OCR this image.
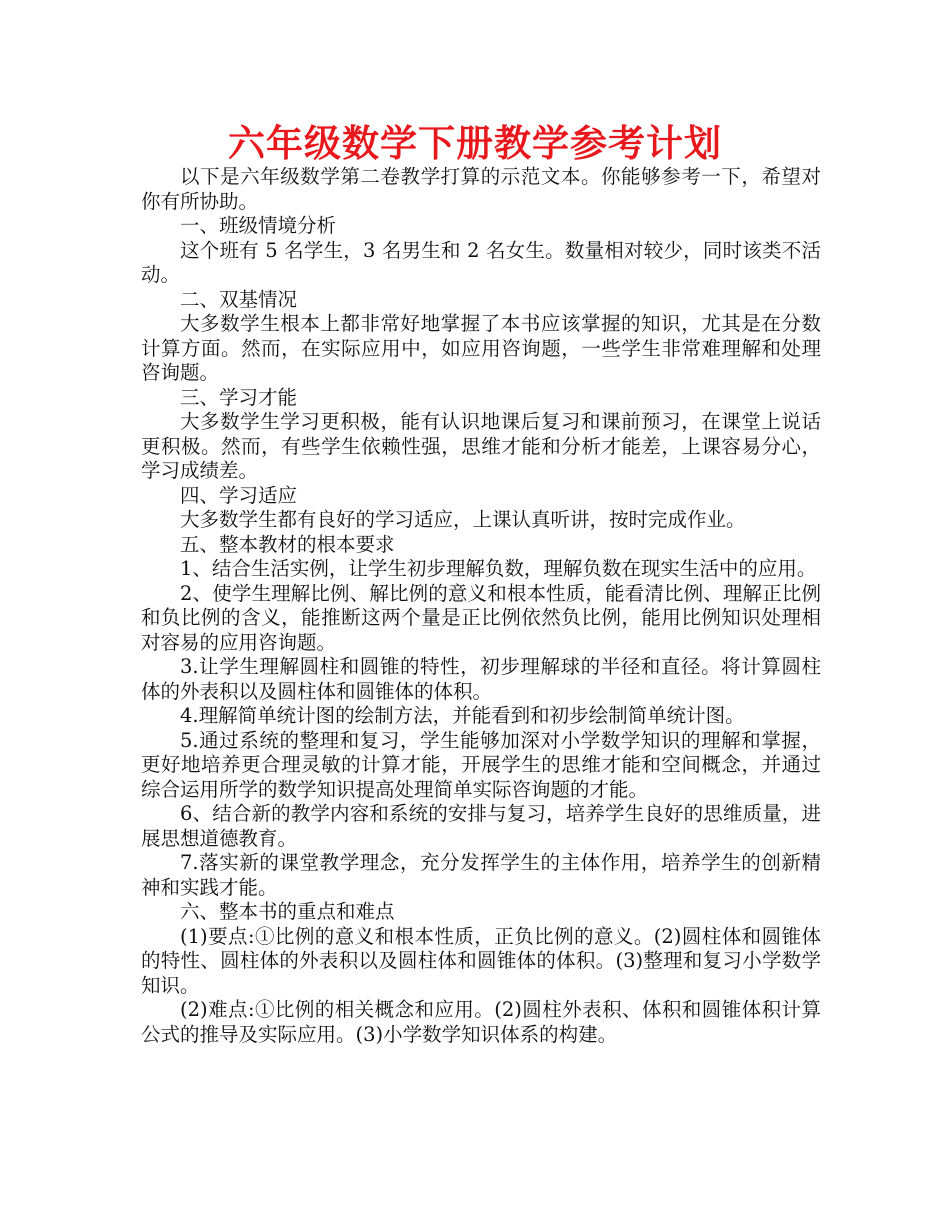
六年级数学下册教学参考计划

以下是六年级数学第二卷教学打算的示范文本。你能够参考一下，希望对你有所协助。

一、班级情境分析

这个班有 5 名学生，3 名男生和 2 名女生。数量相对较少，同时该类不活动。

二、双基情况

大多数学生根本上都非常好地掌握了本书应该掌握的知识，尤其是在分数计算方面。然而，在实际应用中，如应用咨询题，一些学生非常难理解和处理咨询题。

三、学习才能

大多数学生学习更积极，能有认识地课后复习和课前预习，在课堂上说话更积极。然而，有些学生依赖性强，思维才能和分析才能差，上课容易分心，学习成绩差。

四、学习适应

大多数学生都有良好的学习适应，上课认真听讲，按时完成作业。

五、整本教材的根本要求

1、结合生活实例，让学生初步理解负数，理解负数在现实生活中的应用。

2、使学生理解比例、解比例的意义和根本性质，能看清比例、理解正比例和负比例的含义，能推断这两个量是正比例依然负比例，能用比例知识处理相对容易的应用咨询题。

3.让学生理解圆柱和圆锥的特性，初步理解球的半径和直径。将计算圆柱体的外表积以及圆柱体和圆锥体的体积。

4.理解简单统计图的绘制方法，并能看到和初步绘制简单统计图。

5.通过系统的整理和复习，学生能够加深对小学数学知识的理解和掌握，更好地培养更合理灵敏的计算才能，开展学生的思维才能和空间概念，并通过综合运用所学的数学知识提高处理简单实际咨询题的才能。

6、结合新的教学内容和系统的安排与复习，培养学生良好的思维质量，进展思想道德教育。

7.落实新的课堂教学理念，充分发挥学生的主体作用，培养学生的创新精神和实践才能。

六、整本书的重点和难点

(1)要点:①比例的意义和根本性质，正负比例的意义。(2)圆柱体和圆锥体的特性、圆柱体的外表积以及圆柱体和圆锥体的体积。(3)整理和复习小学数学知识。

(2)难点:①比例的相关概念和应用。(2)圆柱外表积、体积和圆锥体积计算公式的推导及实际应用。(3)小学数学知识体系的构建。
